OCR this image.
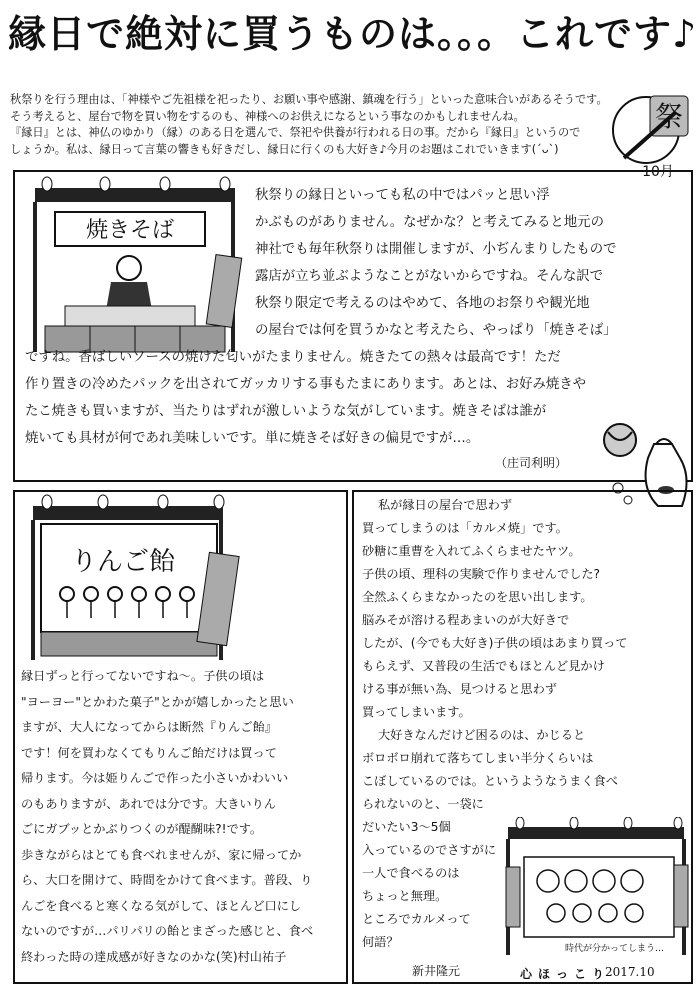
縁日で絶対に買うものは。。。これです♪

秋祭りを行う理由は、「神様やご先祖様を祀ったり、お願い事や感謝、鎮魂を行う」といった意味合いがあるそうです。

そう考えると、屋台で物を買い物をするのも、神様へのお供えになるという事なのかもしれませんね。

『縁日』とは、神仏のゆかり（縁）のある日を選んで、祭祀や供養が行われる日の事。だから『縁日』というので

しょうか。私は、縁日って言葉の響きも好きだし、縁日に行くのも大好き♪今月のお題はこれでいきます(´ᴗ`)

祭
10月
焼きそば
秋祭りの縁日といっても私の中ではパッと思い浮
かぶものがありません。なぜかな？と考えてみると地元の
神社でも毎年秋祭りは開催しますが、小ぢんまりしたもので
露店が立ち並ぶようなことがないからですね。そんな訳で
秋祭り限定で考えるのはやめて、各地のお祭りや観光地
の屋台では何を買うかなと考えたら、やっぱり「焼きそば」
ですね。香ばしいソースの焼けた匂いがたまりません。焼きたての熱々は最高です！ただ
作り置きの冷めたパックを出されてガッカリする事もたまにあります。あとは、お好み焼きや
たこ焼きも買いますが、当たりはずれが激しいような気がしています。焼きそばは誰が
焼いても具材が何であれ美味しいです。単に焼きそば好きの偏見ですが…。
（庄司利明）
りんご飴
縁日ずっと行ってないですね〜。子供の頃は
"ヨーヨー"とかわた菓子"とかが嬉しかったと思い
ますが、大人になってからは断然『りんご飴』
です！何を買わなくてもりんご飴だけは買って
帰ります。今は姫りんごで作った小さいかわいい
のもありますが、あれでは分です。大きいりん
ごにガブッとかぶりつくのが醍醐味?!です。
歩きながらはとても食べれませんが、家に帰ってか
ら、大口を開けて、時間をかけて食べます。普段、り
んごを食べると寒くなる気がして、ほとんど口にし
ないのですが…パリパリの飴とまざった感じと、食べ
終わった時の達成感が好きなのかな(笑)村山祐子
私が縁日の屋台で思わず
買ってしまうのは「カルメ焼」です。
砂糖に重曹を入れてふくらませたヤツ。
子供の頃、理科の実験で作りませんでした?
全然ふくらまなかったのを思い出します。
脳みそが溶ける程あまいのが大好きで
したが、(今でも大好き)子供の頃はあまり買って
もらえず、又普段の生活でもほとんど見かけ
ける事が無い為、見つけると思わず
買ってしまいます。
大好きなんだけど困るのは、かじると
ボロボロ崩れて落ちてしまい半分くらいは
こぼしているのでは。というようなうまく食べ
られないのと、一袋に
だいたい3〜5個
入っているのでさすがに
一人で食べるのは
ちょっと無理。
ところでカルメって
何語？	時代が分かってしまう…
新井隆元	心ほっこり
2017.10
